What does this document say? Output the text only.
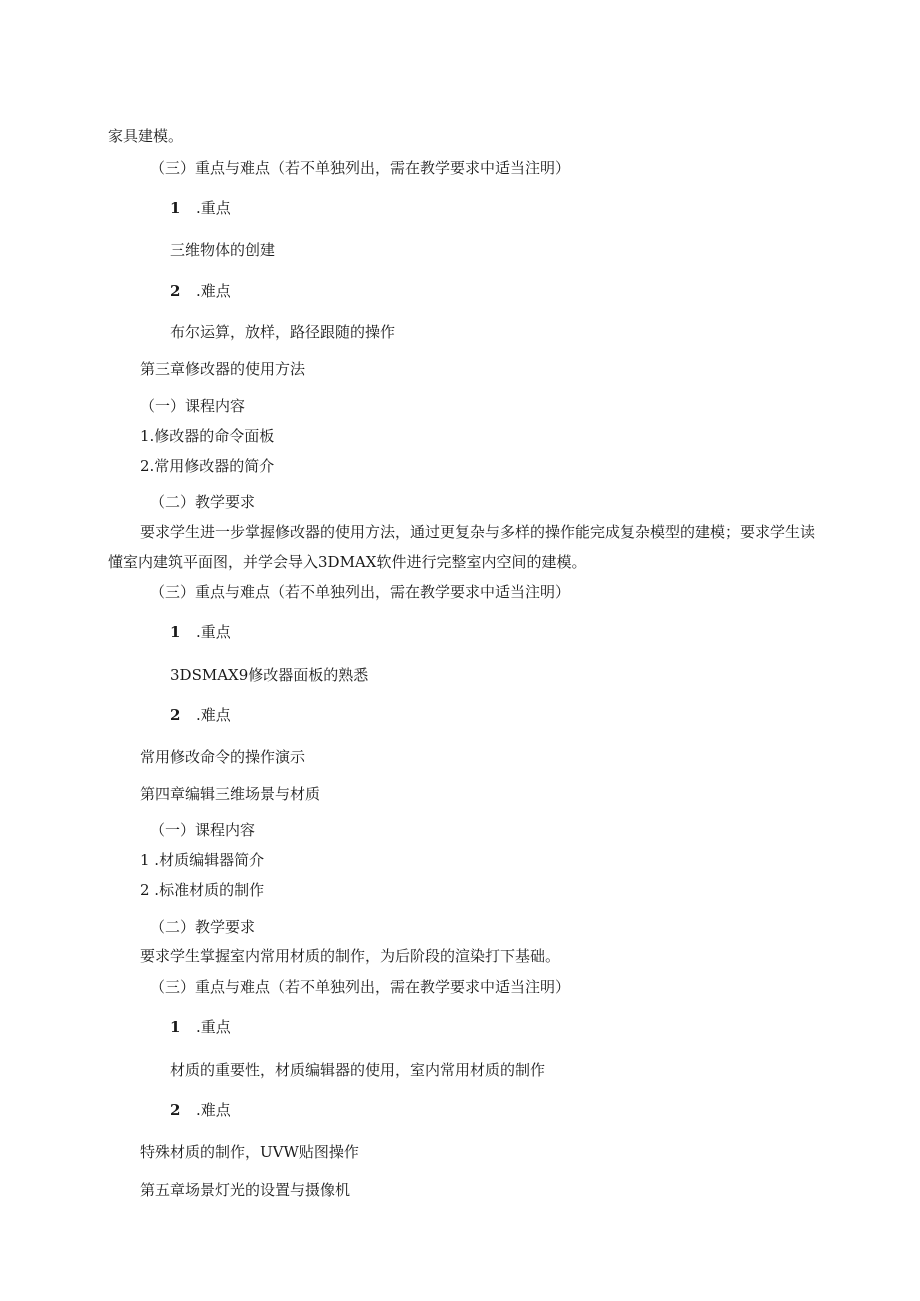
家具建模。
（三）重点与难点（若不单独列出，需在教学要求中适当注明）
1 .重点
三维物体的创建
2 .难点
布尔运算，放样，路径跟随的操作
第三章修改器的使用方法
（一）课程内容
1.修改器的命令面板
2.常用修改器的简介
（二）教学要求
要求学生进一步掌握修改器的使用方法，通过更复杂与多样的操作能完成复杂模型的建模；要求学生读懂室内建筑平面图，并学会导入3DMAX软件进行完整室内空间的建模。
（三）重点与难点（若不单独列出，需在教学要求中适当注明）
1 .重点
3DSMAX9修改器面板的熟悉
2 .难点
常用修改命令的操作演示
第四章编辑三维场景与材质
（一）课程内容
1 .材质编辑器简介
2 .标准材质的制作
（二）教学要求
要求学生掌握室内常用材质的制作，为后阶段的渲染打下基础。
（三）重点与难点（若不单独列出，需在教学要求中适当注明）
1 .重点
材质的重要性，材质编辑器的使用，室内常用材质的制作
2 .难点
特殊材质的制作，UVW贴图操作
第五章场景灯光的设置与摄像机
